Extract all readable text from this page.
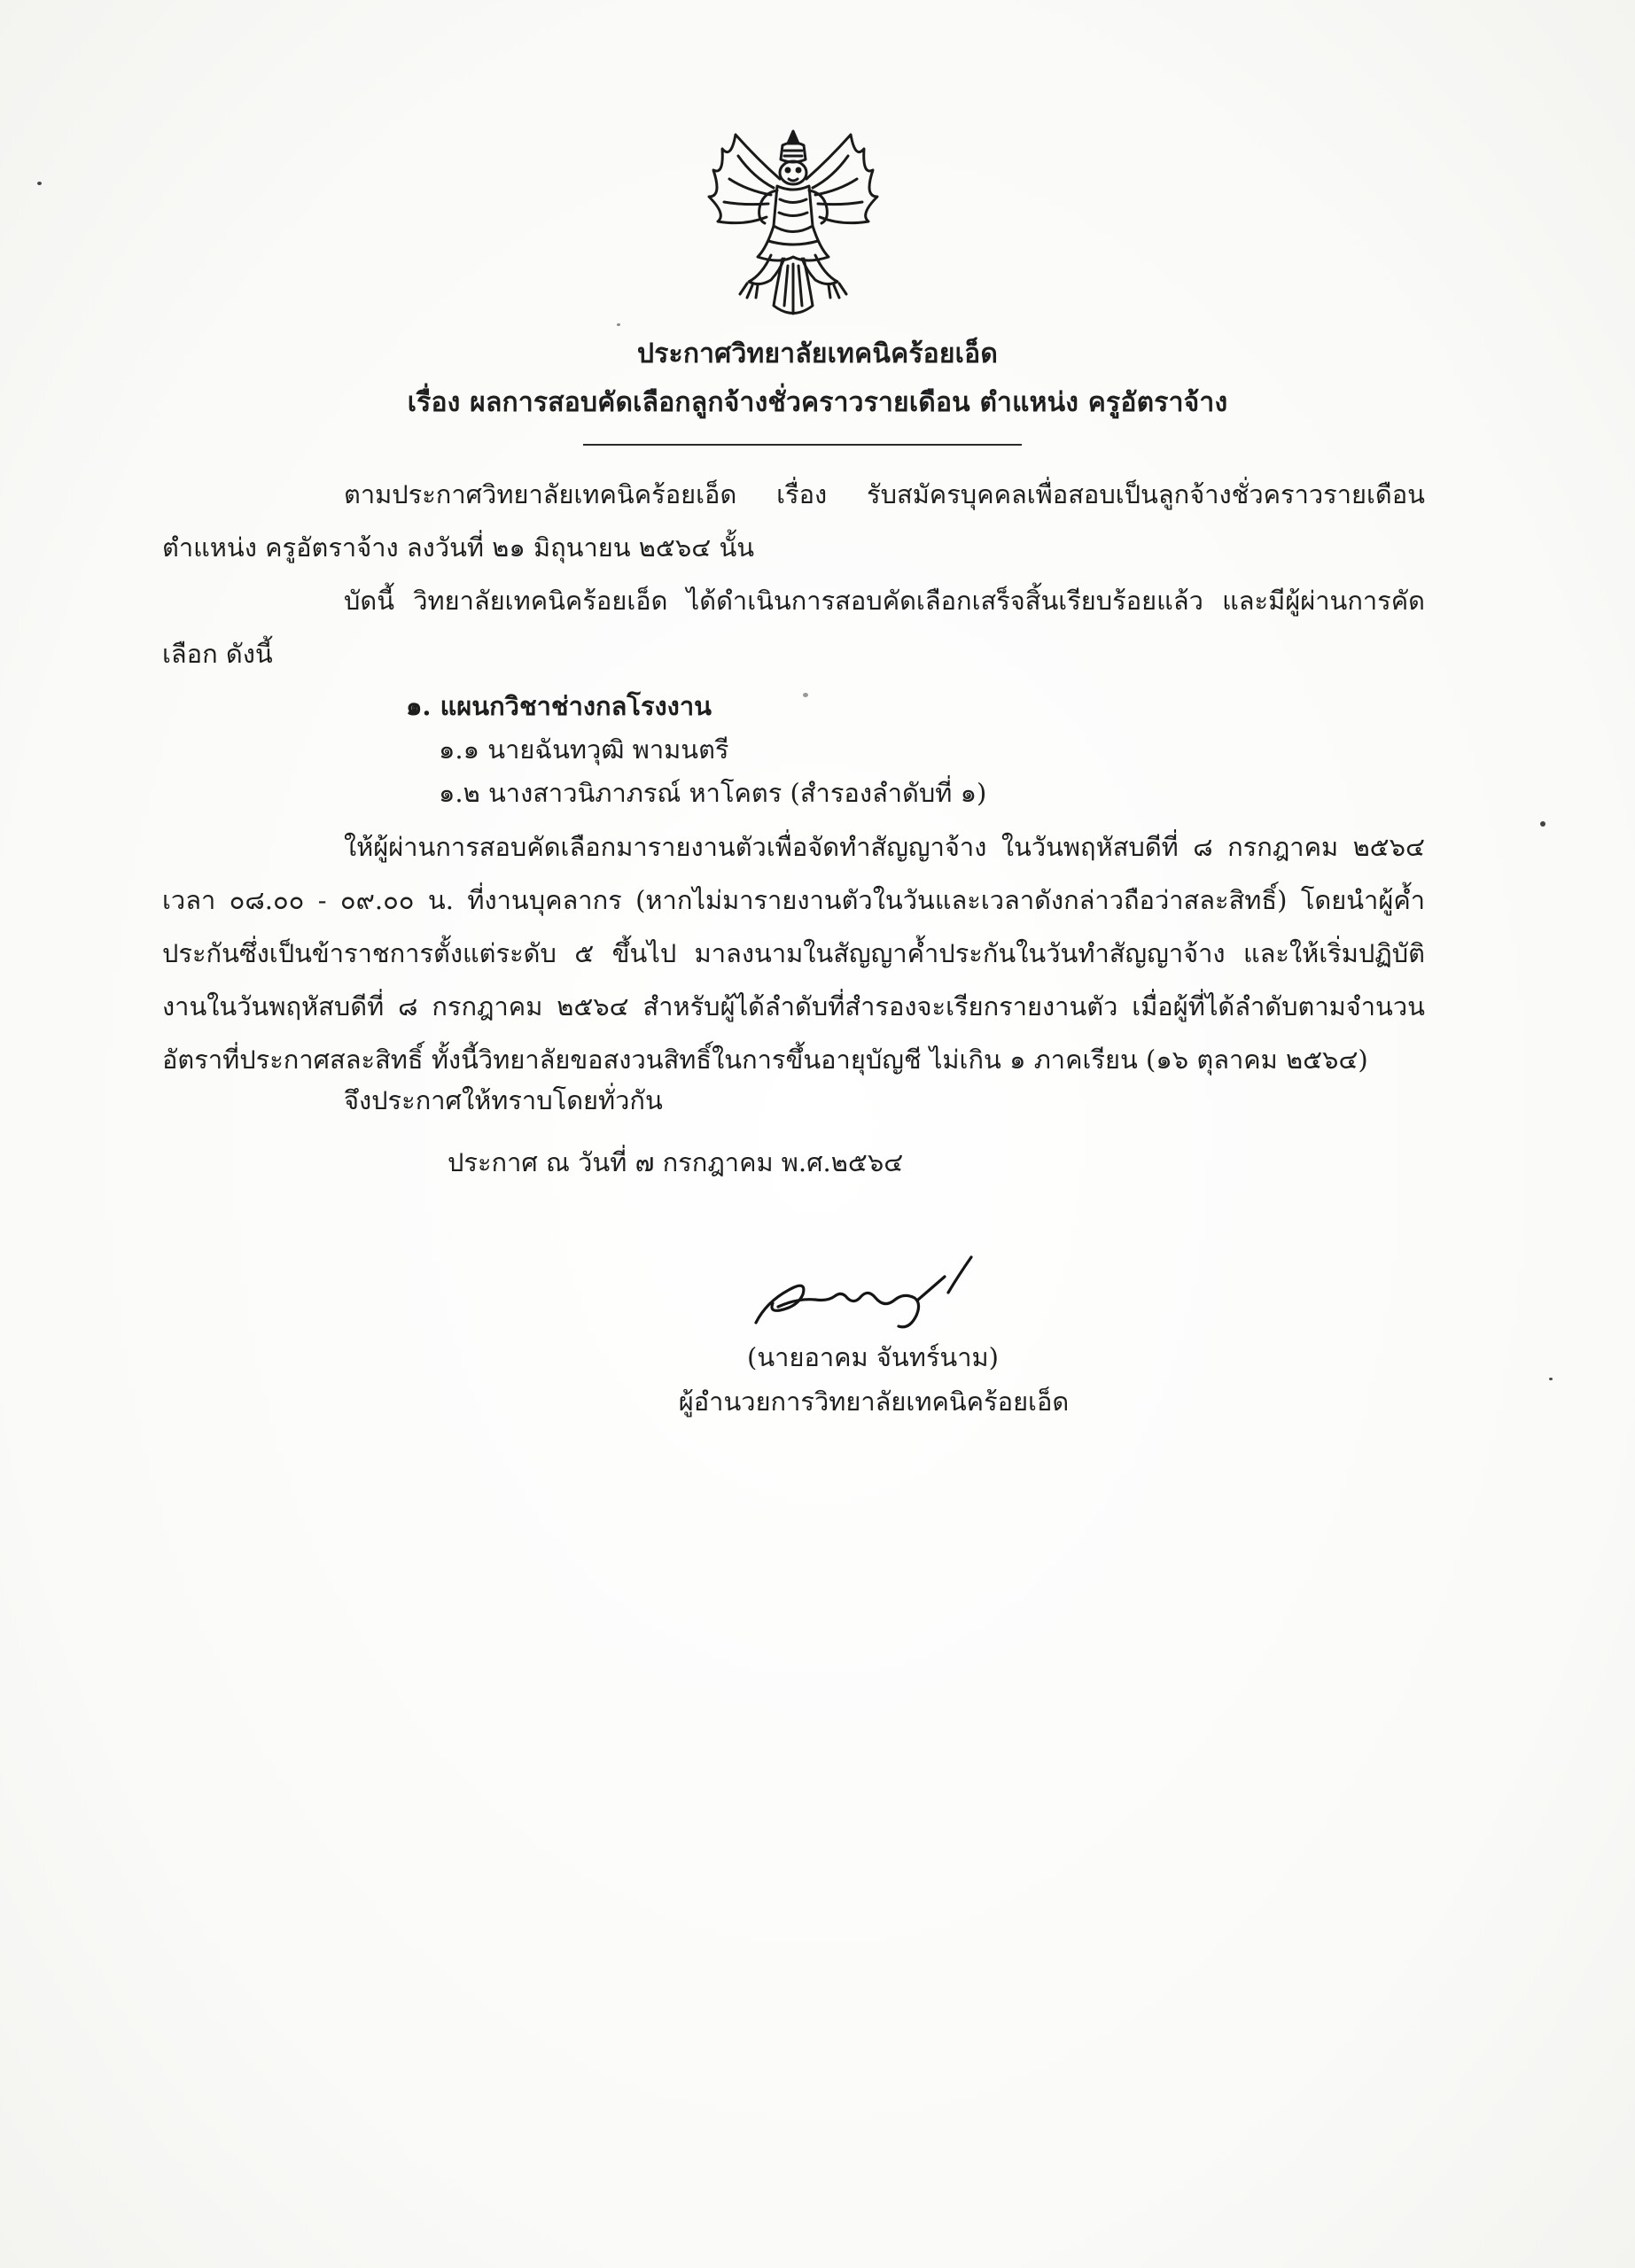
ประกาศวิทยาลัยเทคนิคร้อยเอ็ด
เรื่อง ผลการสอบคัดเลือกลูกจ้างชั่วคราวรายเดือน ตำแหน่ง ครูอัตราจ้าง
ตามประกาศวิทยาลัยเทคนิคร้อยเอ็ด เรื่อง รับสมัครบุคคลเพื่อสอบเป็นลูกจ้างชั่วคราวรายเดือน ตำแหน่ง ครูอัตราจ้าง ลงวันที่ ๒๑ มิถุนายน ๒๕๖๔ นั้น
บัดนี้ วิทยาลัยเทคนิคร้อยเอ็ด ได้ดำเนินการสอบคัดเลือกเสร็จสิ้นเรียบร้อยแล้ว และมีผู้ผ่านการคัดเลือก ดังนี้
๑. แผนกวิชาช่างกลโรงงาน
๑.๑ นายฉันทวุฒิ พามนตรี
๑.๒ นางสาวนิภาภรณ์ หาโคตร (สำรองลำดับที่ ๑)
ให้ผู้ผ่านการสอบคัดเลือกมารายงานตัวเพื่อจัดทำสัญญาจ้าง ในวันพฤหัสบดีที่ ๘ กรกฎาคม ๒๕๖๔ เวลา ๐๘.๐๐ - ๐๙.๐๐ น. ที่งานบุคลากร (หากไม่มารายงานตัวในวันและเวลาดังกล่าวถือว่าสละสิทธิ์) โดยนำผู้ค้ำประกันซึ่งเป็นข้าราชการตั้งแต่ระดับ ๕ ขึ้นไป มาลงนามในสัญญาค้ำประกันในวันทำสัญญาจ้าง และให้เริ่มปฏิบัติงานในวันพฤหัสบดีที่ ๘ กรกฎาคม ๒๕๖๔ สำหรับผู้ได้ลำดับที่สำรองจะเรียกรายงานตัว เมื่อผู้ที่ได้ลำดับตามจำนวนอัตราที่ประกาศสละสิทธิ์ ทั้งนี้วิทยาลัยขอสงวนสิทธิ์ในการขึ้นอายุบัญชี ไม่เกิน ๑ ภาคเรียน (๑๖ ตุลาคม ๒๕๖๔)
จึงประกาศให้ทราบโดยทั่วกัน
ประกาศ ณ วันที่ ๗ กรกฎาคม พ.ศ.๒๕๖๔
(นายอาคม จันทร์นาม)
ผู้อำนวยการวิทยาลัยเทคนิคร้อยเอ็ด
